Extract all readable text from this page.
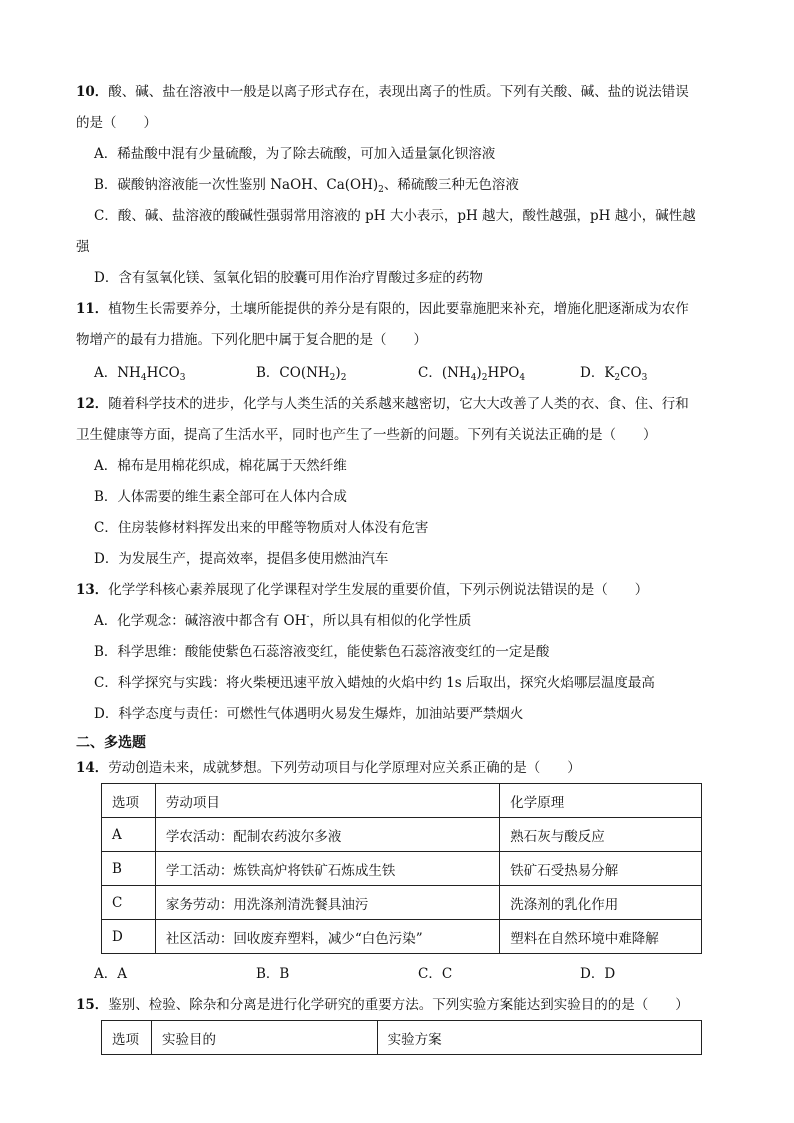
10．酸、碱、盐在溶液中一般是以离子形式存在，表现出离子的性质。下列有关酸、碱、盐的说法错误
的是（　　）
A．稀盐酸中混有少量硫酸，为了除去硫酸，可加入适量氯化钡溶液
B．碳酸钠溶液能一次性鉴别 NaOH、$Ca(OH)_2$、稀硫酸三种无色溶液
C．酸、碱、盐溶液的酸碱性强弱常用溶液的 pH 大小表示，pH 越大，酸性越强，pH 越小，碱性越
强
D．含有氢氧化镁、氢氧化铝的胶囊可用作治疗胃酸过多症的药物
11．植物生长需要养分，土壤所能提供的养分是有限的，因此要靠施肥来补充，增施化肥逐渐成为农作
物增产的最有力措施。下列化肥中属于复合肥的是（　　）
A．$NH_4HCO_3$	B．$CO(NH_2)_2$	C．$(NH_4)_2HPO_4$	D．$K_2CO_3$
12．随着科学技术的进步，化学与人类生活的关系越来越密切，它大大改善了人类的衣、食、住、行和
卫生健康等方面，提高了生活水平，同时也产生了一些新的问题。下列有关说法正确的是（　　）
A．棉布是用棉花织成，棉花属于天然纤维
B．人体需要的维生素全部可在人体内合成
C．住房装修材料挥发出来的甲醛等物质对人体没有危害
D．为发展生产，提高效率，提倡多使用燃油汽车
13．化学学科核心素养展现了化学课程对学生发展的重要价值，下列示例说法错误的是（　　）
A．化学观念：碱溶液中都含有 OH-，所以具有相似的化学性质
B．科学思维：酸能使紫色石蕊溶液变红，能使紫色石蕊溶液变红的一定是酸
C．科学探究与实践：将火柴梗迅速平放入蜡烛的火焰中约 1s 后取出，探究火焰哪层温度最高
D．科学态度与责任：可燃性气体遇明火易发生爆炸，加油站要严禁烟火
二、多选题
14．劳动创造未来，成就梦想。下列劳动项目与化学原理对应关系正确的是（　　）
选项	劳动项目	化学原理
A	学农活动：配制农药波尔多液	熟石灰与酸反应
B	学工活动：炼铁高炉将铁矿石炼成生铁	铁矿石受热易分解
C	家务劳动：用洗涤剂清洗餐具油污	洗涤剂的乳化作用
D	社区活动：回收废弃塑料，减少“白色污染”	塑料在自然环境中难降解
A．A	B．B	C．C	D．D
15．鉴别、检验、除杂和分离是进行化学研究的重要方法。下列实验方案能达到实验目的的是（　　）
选项	实验目的	实验方案
